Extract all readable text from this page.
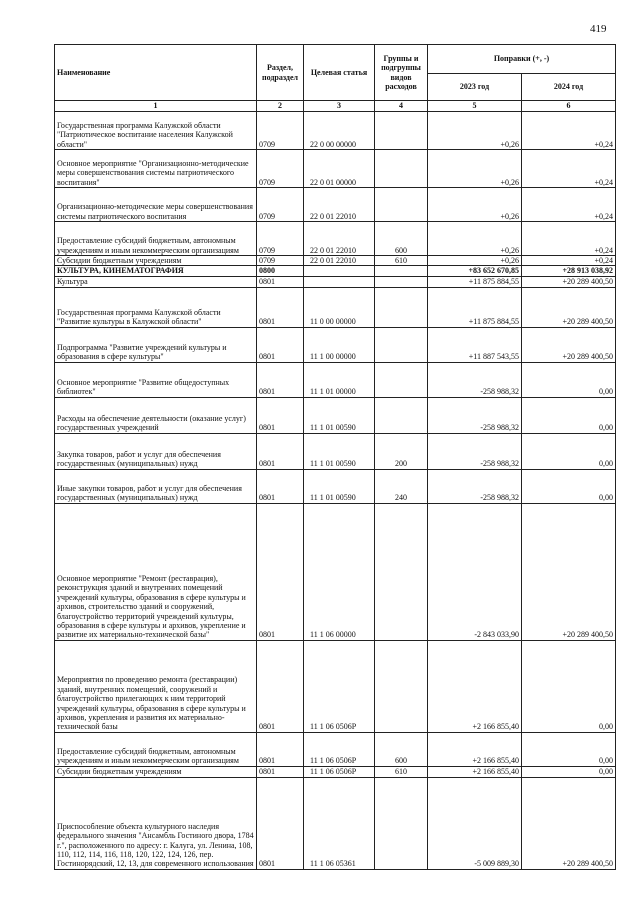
419
Наименование	Раздел, подраздел	Целевая статья	Группы и подгруппы видов расходов	Поправки (+, -)	
				2023 год	2024 год
1	2	3	4	5	6
Государственная программа Калужской области "Патриотическое воспитание населения Калужской области"	0709	22 0 00 00000		+0,26	+0,24
Основное мероприятие "Организационно-методические меры совершенствования системы патриотического воспитания"	0709	22 0 01 00000		+0,26	+0,24
Организационно-методические меры совершенствования системы патриотического воспитания	0709	22 0 01 22010		+0,26	+0,24
Предоставление субсидий бюджетным, автономным учреждениям и иным некоммерческим организациям	0709	22 0 01 22010	600	+0,26	+0,24
Субсидии бюджетным учреждениям	0709	22 0 01 22010	610	+0,26	+0,24
КУЛЬТУРА, КИНЕМАТОГРАФИЯ	0800			+83 652 670,85	+28 913 038,92
Культура	0801			+11 875 884,55	+20 289 400,50
Государственная программа Калужской области "Развитие культуры в Калужской области"	0801	11 0 00 00000		+11 875 884,55	+20 289 400,50
Подпрограмма "Развитие учреждений культуры и образования в сфере культуры"	0801	11 1 00 00000		+11 887 543,55	+20 289 400,50
Основное мероприятие "Развитие общедоступных библиотек"	0801	11 1 01 00000		-258 988,32	0,00
Расходы на обеспечение деятельности (оказание услуг) государственных учреждений	0801	11 1 01 00590		-258 988,32	0,00
Закупка товаров, работ и услуг для обеспечения государственных (муниципальных) нужд	0801	11 1 01 00590	200	-258 988,32	0,00
Иные закупки товаров, работ и услуг для обеспечения государственных (муниципальных) нужд	0801	11 1 01 00590	240	-258 988,32	0,00
Основное мероприятие "Ремонт (реставрация), реконструкция зданий и внутренних помещений учреждений культуры, образования в сфере культуры и архивов, строительство зданий и сооружений, благоустройство территорий учреждений культуры, образования в сфере культуры и архивов, укрепление и развитие их материально-технической базы"	0801	11 1 06 00000		-2 843 033,90	+20 289 400,50
Мероприятия по проведению ремонта (реставрации) зданий, внутренних помещений, сооружений и благоустройство прилегающих к ним территорий учреждений культуры, образования в сфере культуры и архивов, укрепления и развития их материально-технической базы	0801	11 1 06 0506Р		+2 166 855,40	0,00
Предоставление субсидий бюджетным, автономным учреждениям и иным некоммерческим организациям	0801	11 1 06 0506Р	600	+2 166 855,40	0,00
Субсидии бюджетным учреждениям	0801	11 1 06 0506Р	610	+2 166 855,40	0,00
Приспособление объекта культурного наследия федерального значения "Ансамбль Гостиного двора, 1784 г.", расположенного по адресу: г. Калуга, ул. Ленина, 108, 110, 112, 114, 116, 118, 120, 122, 124, 126, пер. Гостинорядский, 12, 13, для современного использования	0801	11 1 06 05361		-5 009 889,30	+20 289 400,50
